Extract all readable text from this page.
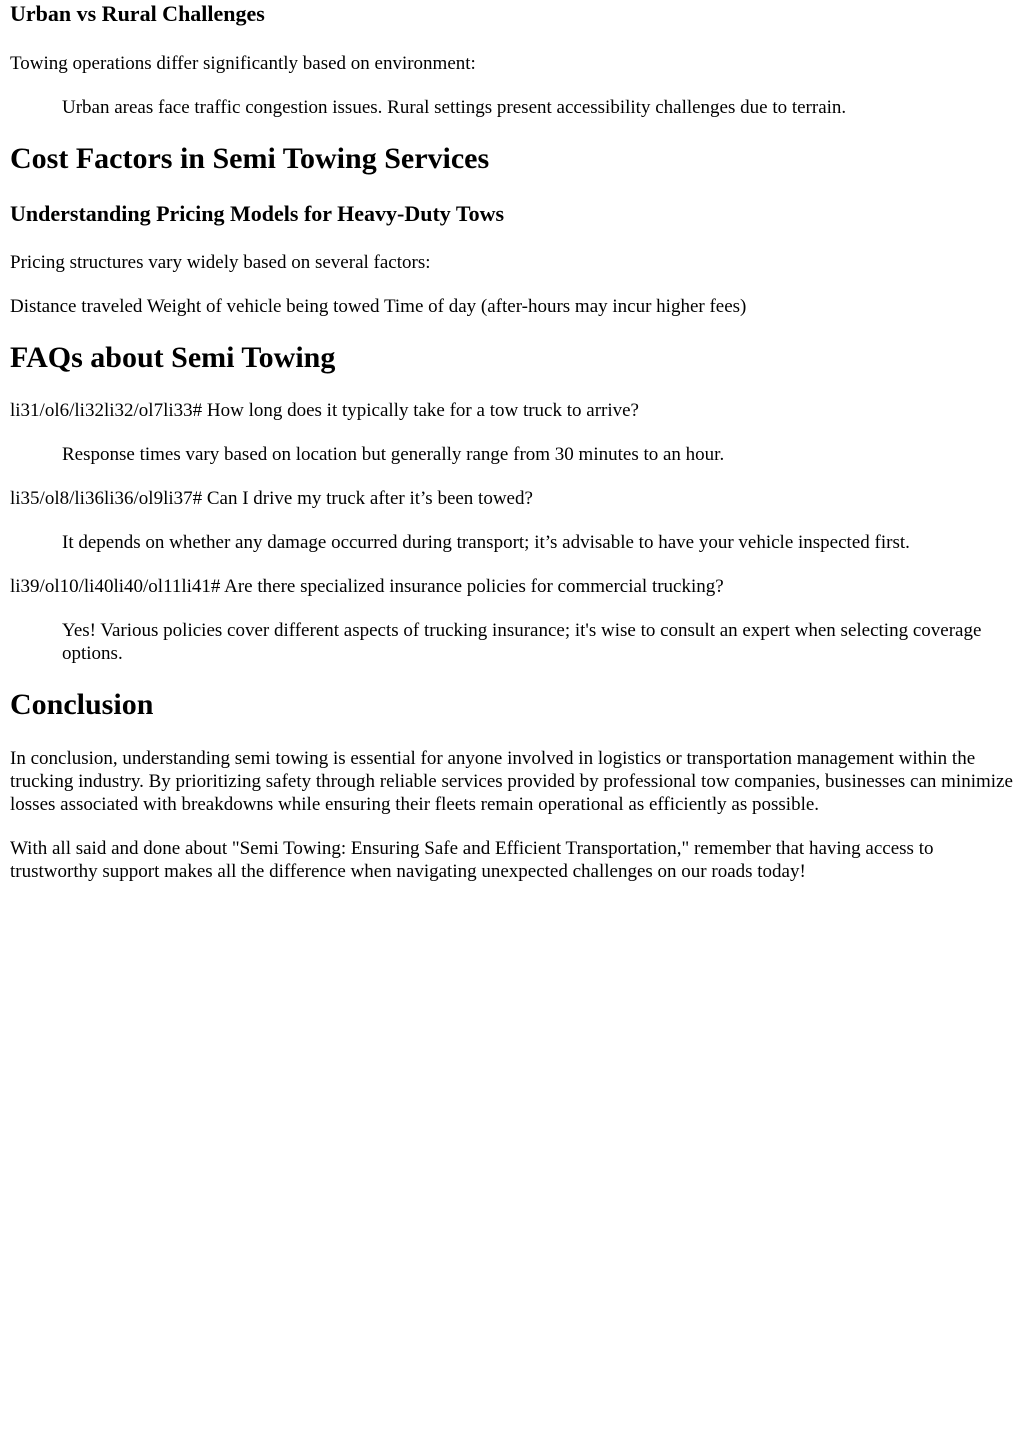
Urban vs Rural Challenges

Towing operations differ significantly based on environment:

Urban areas face traffic congestion issues. Rural settings present accessibility challenges due to terrain.
Cost Factors in Semi Towing Services
Understanding Pricing Models for Heavy-Duty Tows

Pricing structures vary widely based on several factors:

Distance traveled Weight of vehicle being towed Time of day (after-hours may incur higher fees)

FAQs about Semi Towing

li31/ol6/li32li32/ol7li33# How long does it typically take for a tow truck to arrive?

Response times vary based on location but generally range from 30 minutes to an hour.

li35/ol8/li36li36/ol9li37# Can I drive my truck after it’s been towed?

It depends on whether any damage occurred during transport; it’s advisable to have your vehicle inspected first.

li39/ol10/li40li40/ol11li41# Are there specialized insurance policies for commercial trucking?

Yes! Various policies cover different aspects of trucking insurance; it's wise to consult an expert when selecting coverage options.
Conclusion

In conclusion, understanding semi towing is essential for anyone involved in logistics or transportation management within the trucking industry. By prioritizing safety through reliable services provided by professional tow companies, businesses can minimize losses associated with breakdowns while ensuring their fleets remain operational as efficiently as possible.

With all said and done about "Semi Towing: Ensuring Safe and Efficient Transportation," remember that having access to trustworthy support makes all the difference when navigating unexpected challenges on our roads today!
